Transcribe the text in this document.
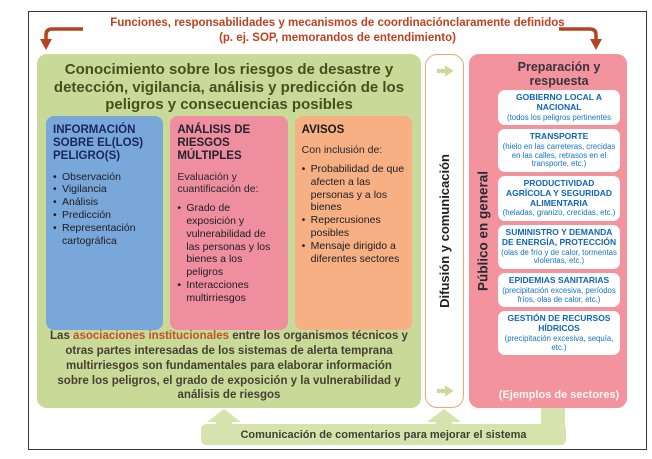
Funciones, responsabilidades y mecanismos de coordinaciónclaramente definidos
(p. ej. SOP, memorandos de entendimiento)
Conocimiento sobre los riesgos de desastre y detección, vigilancia, análisis y predicción de los peligros y consecuencias posibles
INFORMACIÓN SOBRE EL(LOS) PELIGRO(S)
• Observación
• Vigilancia
• Análisis
• Predicción
• Representación cartográfica
ANÁLISIS DE RIESGOS MÚLTIPLES
Evaluación y cuantificación de:
• Grado de exposición y vulnerabilidad de las personas y los bienes a los peligros
• Interacciones multirriesgos
AVISOS
Con inclusión de:
• Probabilidad de que afecten a las personas y a los bienes
• Repercusiones posibles
• Mensaje dirigido a diferentes sectores
Las asociaciones institucionales entre los organismos técnicos y otras partes interesadas de los sistemas de alerta temprana multirriesgos son fundamentales para elaborar información sobre los peligros, el grado de exposición y la vulnerabilidad y análisis de riesgos
Difusión y comunicación
Preparación y respuesta
Público en general
GOBIERNO LOCAL A NACIONAL
(todos los peligros pertinentes
TRANSPORTE
(hielo en las carreteras, crecidas en las calles, retrasos en el transporte, etc.)
PRODUCTIVIDAD AGRÍCOLA Y SEGURIDAD ALIMENTARIA
(heladas, granizo, crecidas, etc.)
SUMINISTRO Y DEMANDA DE ENERGÍA, PROTECCIÓN
(olas de frío y de calor, tormentas violentas, etc.)
EPIDEMIAS SANITARIAS
(precipitación excesiva, períodos fríos, olas de calor, etc.)
GESTIÓN DE RECURSOS HÍDRICOS
(precipitación excesiva, sequía, etc.)
(Ejemplos de sectores)
Comunicación de comentarios para mejorar el sistema
